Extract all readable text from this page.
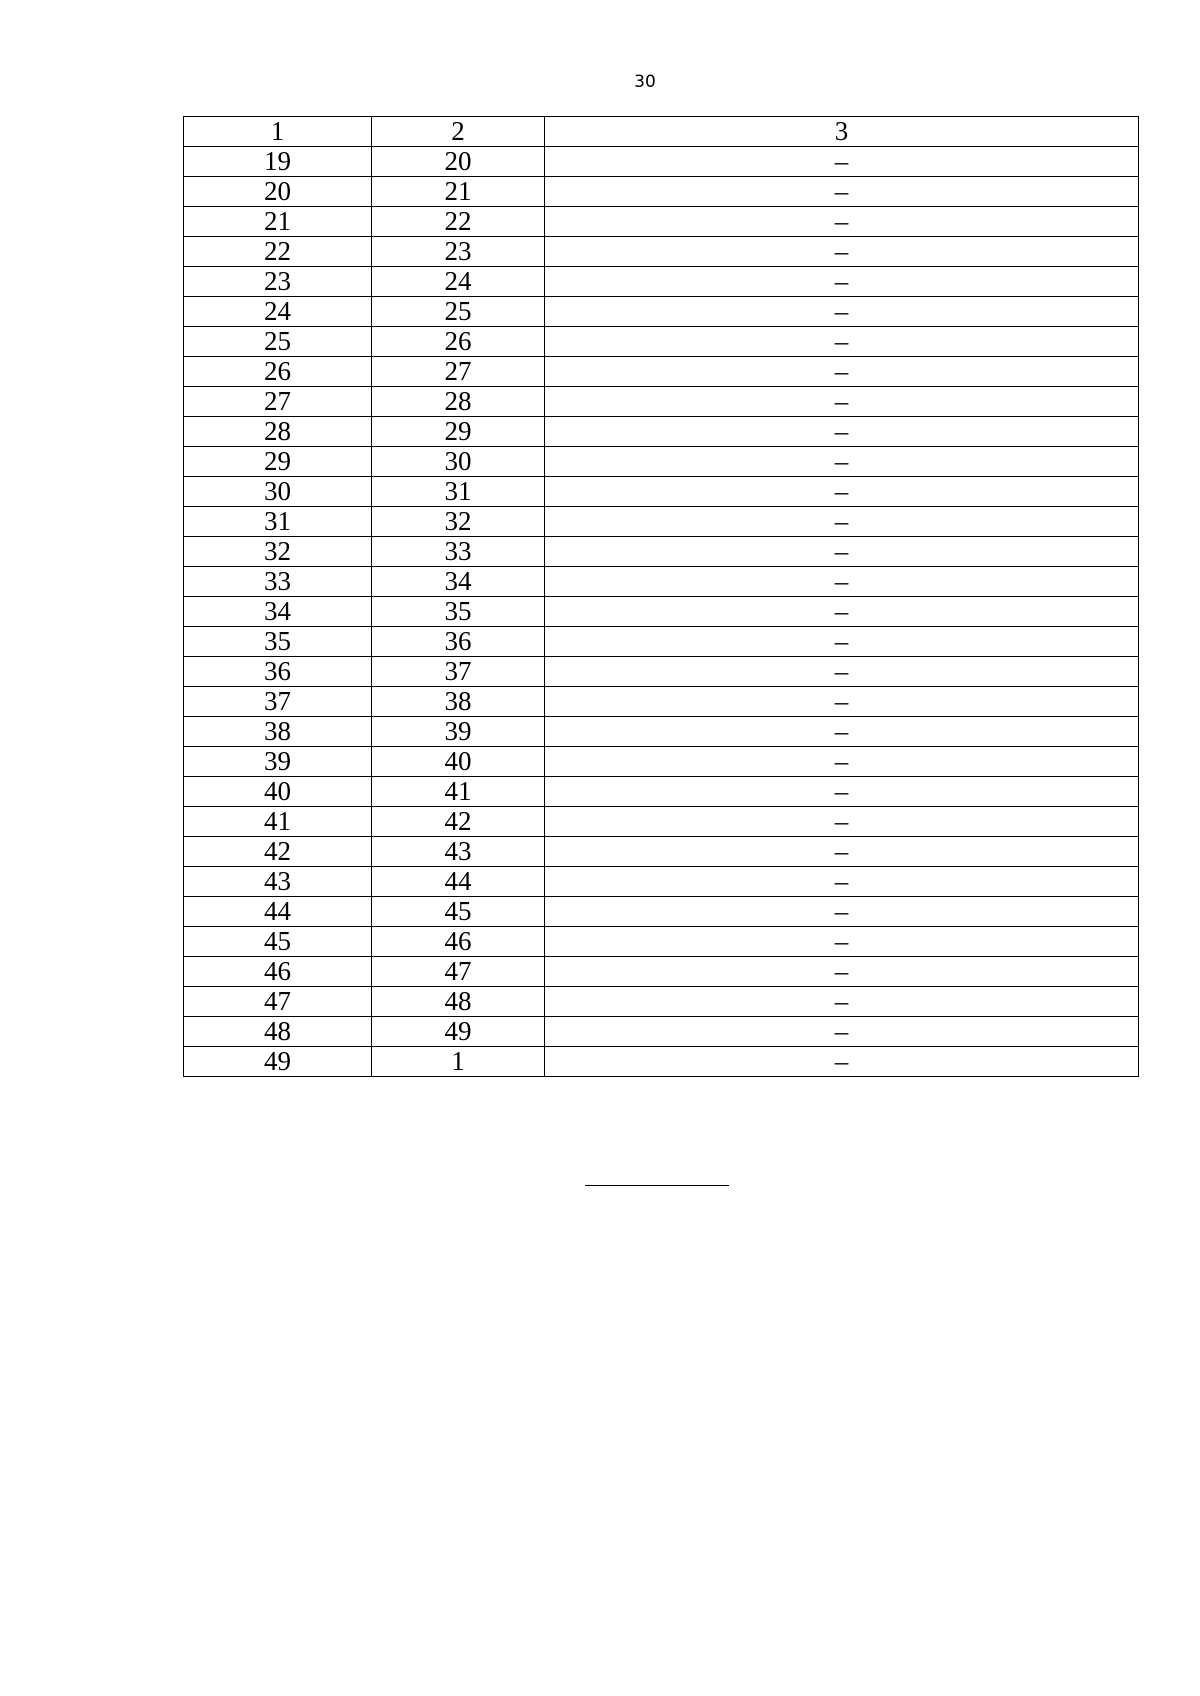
30
1	2	3
19	20	–
20	21	–
21	22	–
22	23	–
23	24	–
24	25	–
25	26	–
26	27	–
27	28	–
28	29	–
29	30	–
30	31	–
31	32	–
32	33	–
33	34	–
34	35	–
35	36	–
36	37	–
37	38	–
38	39	–
39	40	–
40	41	–
41	42	–
42	43	–
43	44	–
44	45	–
45	46	–
46	47	–
47	48	–
48	49	–
49	1	–
